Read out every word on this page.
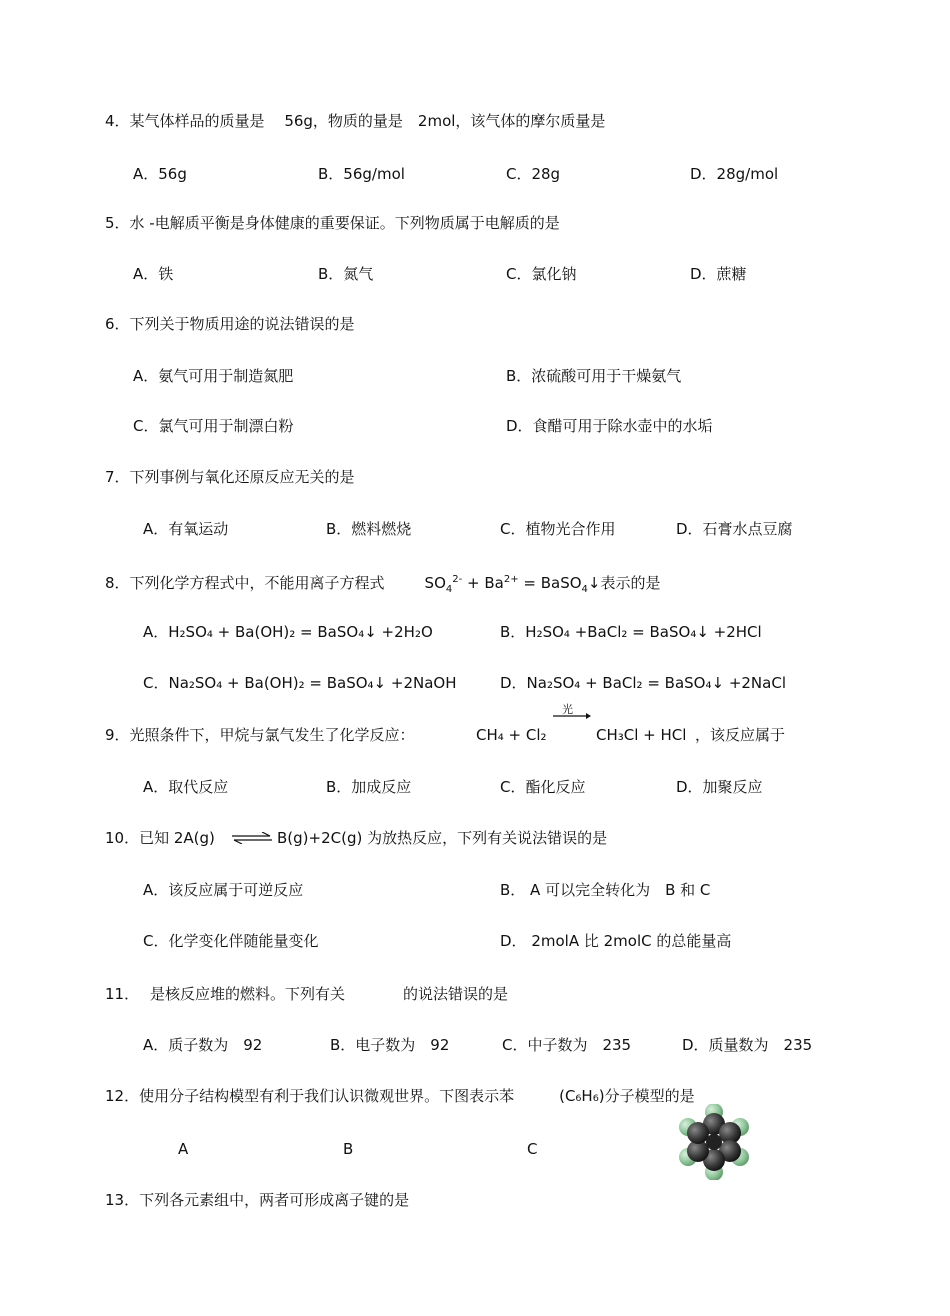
4．某气体样品的质量是　 56g，物质的量是　2mol，该气体的摩尔质量是
A．56g	B．56g/mol	C．28g	D．28g/mol
5．水 -电解质平衡是身体健康的重要保证。下列物质属于电解质的是
A．铁	B．氮气	C．氯化钠	D．蔗糖
6．下列关于物质用途的说法错误的是
A．氨气可用于制造氮肥	B．浓硫酸可用于干燥氨气
C．氯气可用于制漂白粉	D．食醋可用于除水壶中的水垢
7．下列事例与氧化还原反应无关的是
A．有氧运动	B．燃料燃烧	C．植物光合作用	D．石膏水点豆腐
8．下列化学方程式中，不能用离子方程式	$SO_4^{2-} + Ba^{2+}$ = BaSO$_4$↓表示的是
A．H₂SO₄ + Ba(OH)₂ = BaSO₄↓ +2H₂O	B．H₂SO₄ +BaCl₂ = BaSO₄↓ +2HCl
C．Na₂SO₄ + Ba(OH)₂ = BaSO₄↓ +2NaOH	D．Na₂SO₄ + BaCl₂ = BaSO₄↓ +2NaCl
9．光照条件下，甲烷与氯气发生了化学反应：	CH₄ + Cl₂
光
CH₃Cl + HCl ，该反应属于
A．取代反应	B．加成反应	C．酯化反应	D．加聚反应
10．已知 2A(g) ⇌ B(g)+2C(g) 为放热反应，下列有关说法错误的是
A．该反应属于可逆反应	B． A 可以完全转化为　B 和 C
C．化学变化伴随能量变化	D． 2molA 比 2molC 的总能量高
11． 是核反应堆的燃料。下列有关	的说法错误的是
A．质子数为　92	B．电子数为　92	C．中子数为　235	D．质量数为　235
12．使用分子结构模型有利于我们认识微观世界。下图表示苯　　　(C₆H₆)分子模型的是
A	B	C
13．下列各元素组中，两者可形成离子键的是
